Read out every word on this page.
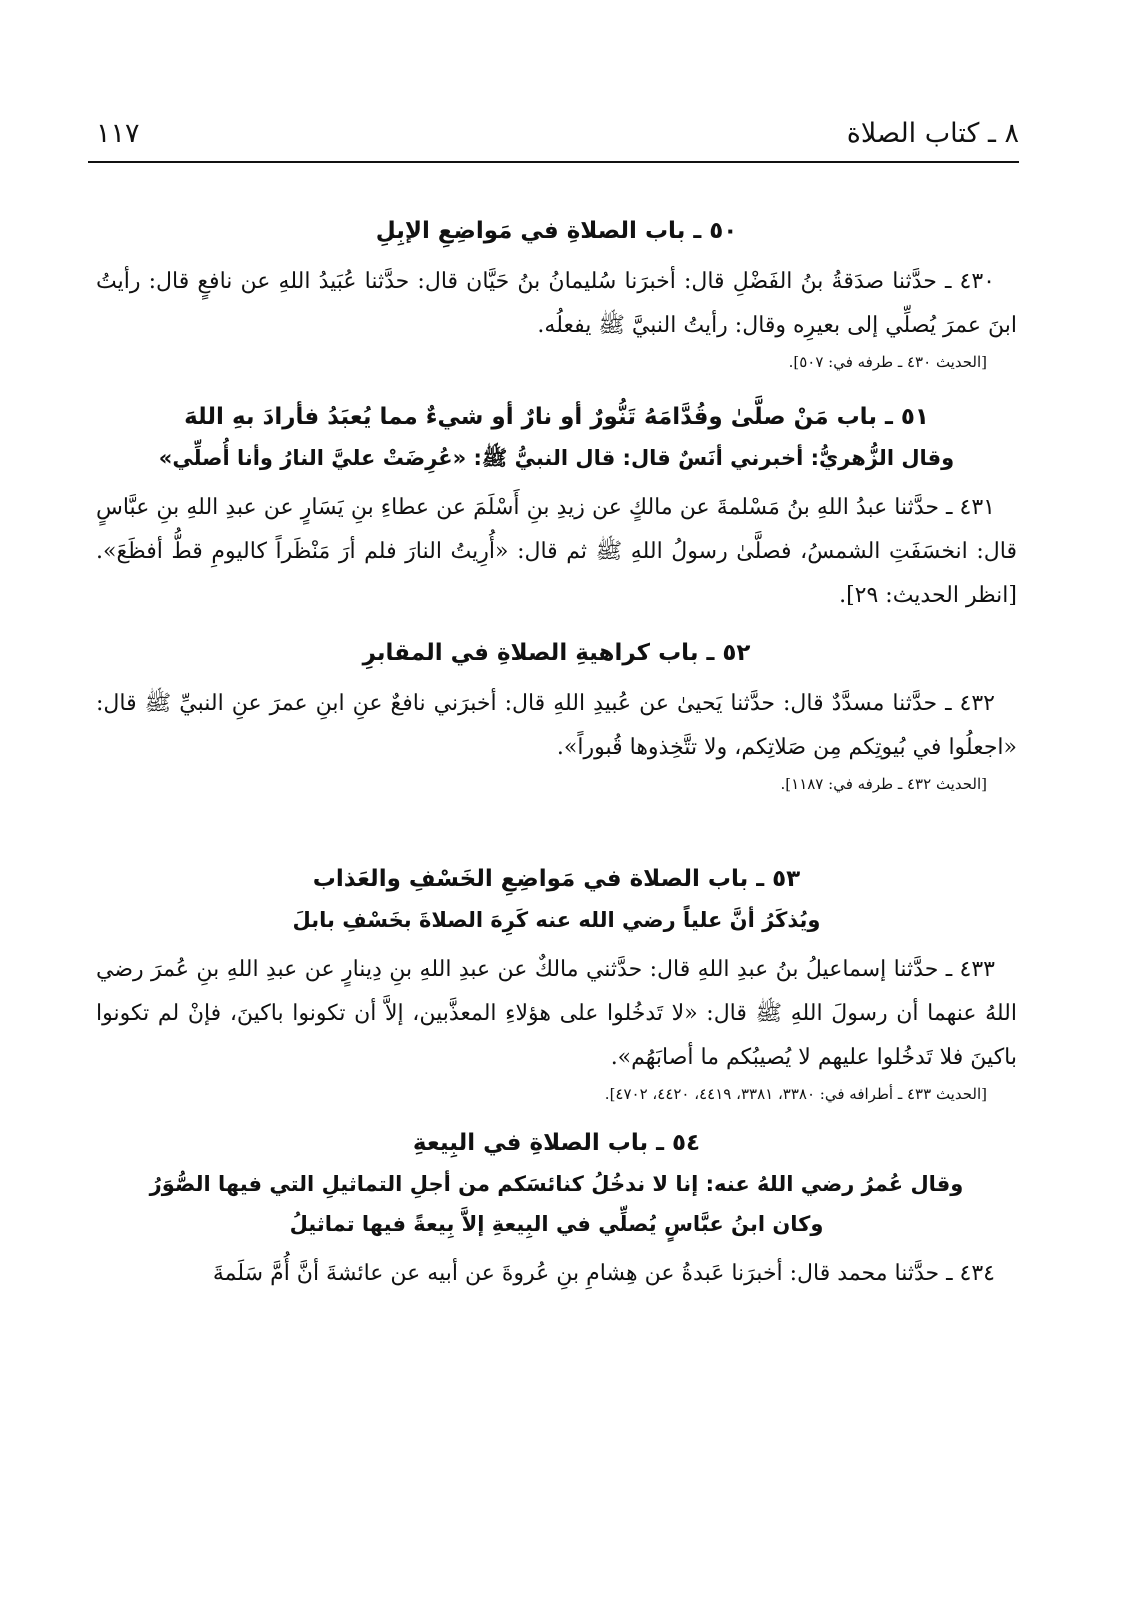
٨ ـ كتاب الصلاة
١١٧
٥٠ ـ باب الصلاةِ في مَواضِعِ الإبِلِ

٤٣٠ ـ حدَّثنا صدَقةُ بنُ الفَضْلِ قال: أخبرَنا سُليمانُ بنُ حَيَّان قال: حدَّثنا عُبَيدُ اللهِ عن نافعٍ قال: رأيتُ ابنَ عمرَ يُصلِّي إلى بعيرِه وقال: رأيتُ النبيَّ ﷺ يفعلُه.

[الحديث ٤٣٠ ـ طرفه في: ٥٠٧].

٥١ ـ باب مَنْ صلَّىٰ وقُدَّامَهُ تَنُّورٌ أو نارٌ أو شيءٌ مما يُعبَدُ فأرادَ بهِ اللهَ
وقال الزُّهريُّ: أخبرني أنَسٌ قال: قال النبيُّ ﷺ: «عُرِضَتْ عليَّ النارُ وأنا أُصلِّي»

٤٣١ ـ حدَّثنا عبدُ اللهِ بنُ مَسْلمةَ عن مالكٍ عن زيدِ بنِ أَسْلَمَ عن عطاءِ بنِ يَسَارٍ عن عبدِ اللهِ بنِ عبَّاسٍ قال: انخسَفَتِ الشمسُ، فصلَّىٰ رسولُ اللهِ ﷺ ثم قال: «أُرِيتُ النارَ فلم أرَ مَنْظَراً كاليومِ قطُّ أفظَعَ». [انظر الحديث: ٢٩].

٥٢ ـ باب كراهيةِ الصلاةِ في المقابرِ

٤٣٢ ـ حدَّثنا مسدَّدٌ قال: حدَّثنا يَحيىٰ عن عُبيدِ اللهِ قال: أخبرَني نافعٌ عنِ ابنِ عمرَ عنِ النبيِّ ﷺ قال: «اجعلُوا في بُيوتِكم مِن صَلاتِكم، ولا تتَّخِذوها قُبوراً».

[الحديث ٤٣٢ ـ طرفه في: ١١٨٧].

٥٣ ـ باب الصلاة في مَواضِعِ الخَسْفِ والعَذاب
ويُذكَرُ أنَّ علياً رضي الله عنه كَرِهَ الصلاةَ بخَسْفِ بابلَ

٤٣٣ ـ حدَّثنا إسماعيلُ بنُ عبدِ اللهِ قال: حدَّثني مالكٌ عن عبدِ اللهِ بنِ دِينارٍ عن عبدِ اللهِ بنِ عُمرَ رضي اللهُ عنهما أن رسولَ اللهِ ﷺ قال: «لا تَدخُلوا على هؤلاءِ المعذَّبين، إلاَّ أن تكونوا باكينَ، فإنْ لم تكونوا باكينَ فلا تَدخُلوا عليهم لا يُصيبُكم ما أصابَهُم».

[الحديث ٤٣٣ ـ أطرافه في: ٣٣٨٠، ٣٣٨١، ٤٤١٩، ٤٤٢٠، ٤٧٠٢].

٥٤ ـ باب الصلاةِ في البِيعةِ
وقال عُمرُ رضي اللهُ عنه: إنا لا ندخُلُ كنائسَكم من أجلِ التماثيلِ التي فيها الصُّوَرُ
وكان ابنُ عبَّاسٍ يُصلِّي في البِيعةِ إلاَّ بِيعةً فيها تماثيلُ

٤٣٤ ـ حدَّثنا محمد قال: أخبرَنا عَبدةُ عن هِشامِ بنِ عُروةَ عن أبيه عن عائشةَ أنَّ أُمَّ سَلَمةَ
